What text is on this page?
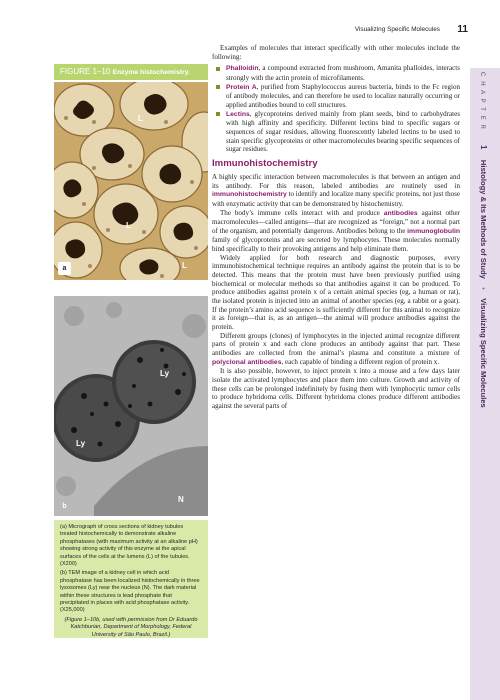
Visualizing Specific Molecules 11
FIGURE 1–10 Enzyme histochemistry.
L
L
L
a
Ly
Ly
N
b

(a) Micrograph of cross sections of kidney tubules treated histochemically to demonstrate alkaline phosphatases (with maximum activity at an alkaline pH) showing strong activity of this enzyme at the apical surfaces of the cells at the lumens (L) of the tubules. (X200)

(b) TEM image of a kidney cell in which acid phosphatase has been localized histochemically in three lysosomes (Ly) near the nucleus (N). The dark material within these structures is lead phosphate that precipitated in places with acid phosphatase activity. (X25,000)

(Figure 1–10b, used with permission from Dr Eduardo Katchburian, Department of Morphology, Federal University of São Paulo, Brazil.)

Examples of molecules that interact specifically with other molecules include the following:

Phalloidin, a compound extracted from mushroom, Amanita phalloides, interacts strongly with the actin protein of microfilaments.
Protein A, purified from Staphylococcus aureus bacteria, binds to the Fc region of antibody molecules, and can therefore be used to localize naturally occurring or applied antibodies bound to cell structures.
Lectins, glycoproteins derived mainly from plant seeds, bind to carbohydrates with high affinity and specificity. Different lectins bind to specific sugars or sequences of sugar residues, allowing fluorescently labeled lectins to be used to stain specific glycoproteins or other macromolecules bearing specific sequences of sugar residues.
Immunohistochemistry

A highly specific interaction between macromolecules is that between an antigen and its antibody. For this reason, labeled antibodies are routinely used in immunohistochemistry to identify and localize many specific proteins, not just those with enzymatic activity that can be demonstrated by histochemistry.

The body’s immune cells interact with and produce antibodies against other macromolecules—called antigens—that are recognized as “foreign,” not a normal part of the organism, and potentially dangerous. Antibodies belong to the immunoglobulin family of glycoproteins and are secreted by lymphocytes. These molecules normally bind specifically to their provoking antigens and help eliminate them.

Widely applied for both research and diagnostic purposes, every immunohistochemical technique requires an antibody against the protein that is to be detected. This means that the protein must have been previously purified using biochemical or molecular methods so that antibodies against it can be produced. To produce antibodies against protein x of a certain animal species (eg, a human or rat), the isolated protein is injected into an animal of another species (eg, a rabbit or a goat). If the protein’s amino acid sequence is sufficiently different for this animal to recognize it as foreign—that is, as an antigen—the animal will produce antibodies against the protein.

Different groups (clones) of lymphocytes in the injected animal recognize different parts of protein x and each clone produces an antibody against that part. These antibodies are collected from the animal’s plasma and constitute a mixture of polyclonal antibodies, each capable of binding a different region of protein x.

It is also possible, however, to inject protein x into a mouse and a few days later isolate the activated lymphocytes and place them into culture. Growth and activity of these cells can be prolonged indefinitely by fusing them with lymphocytic tumor cells to produce hybridoma cells. Different hybridoma clones produce different antibodies against the several parts of

C H A P T E R 1 Histology & Its Methods of Study • Visualizing Specific Molecules
